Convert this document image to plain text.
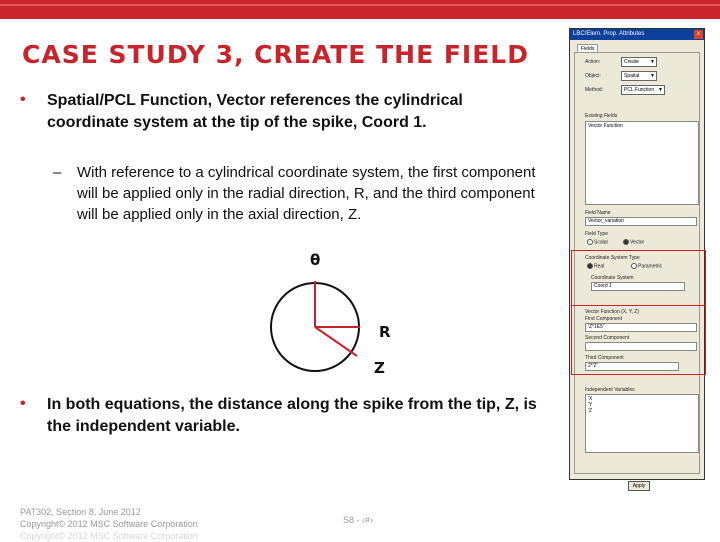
CASE STUDY 3, CREATE THE FIELD
• Spatial/PCL Function, Vector references the cylindrical coordinate system at the tip of the spike, Coord 1.
– With reference to a cylindrical coordinate system, the first component will be applied only in the radial direction, R, and the third component will be applied only in the axial direction, Z.
θ
R
Z
• In both equations, the distance along the spike from the tip, Z, is the independent variable.
PAT302, Section 8, June 2012
Copyright© 2012 MSC Software Corporation
Copyright© 2012 MSC Software Corporation
S8 - ‹#›
LBC/Elem. Prop. Attributes	x
Fields
Action:	Create ▼
Object:	Spatial ▼
Method:	PCL Function ▼
Existing Fields
Vector Function
Field Name
Vector_variation
Field Type
Scalar	Vector
Coordinate System Type
Real	Parametric
Coordinate System
Coord 1
Vector Function (X, Y, Z)
First Component
'Z*1E5'
Second Component
Third Component
2*'Z'
Independent Variables
'X
'Y
'Z
Apply
